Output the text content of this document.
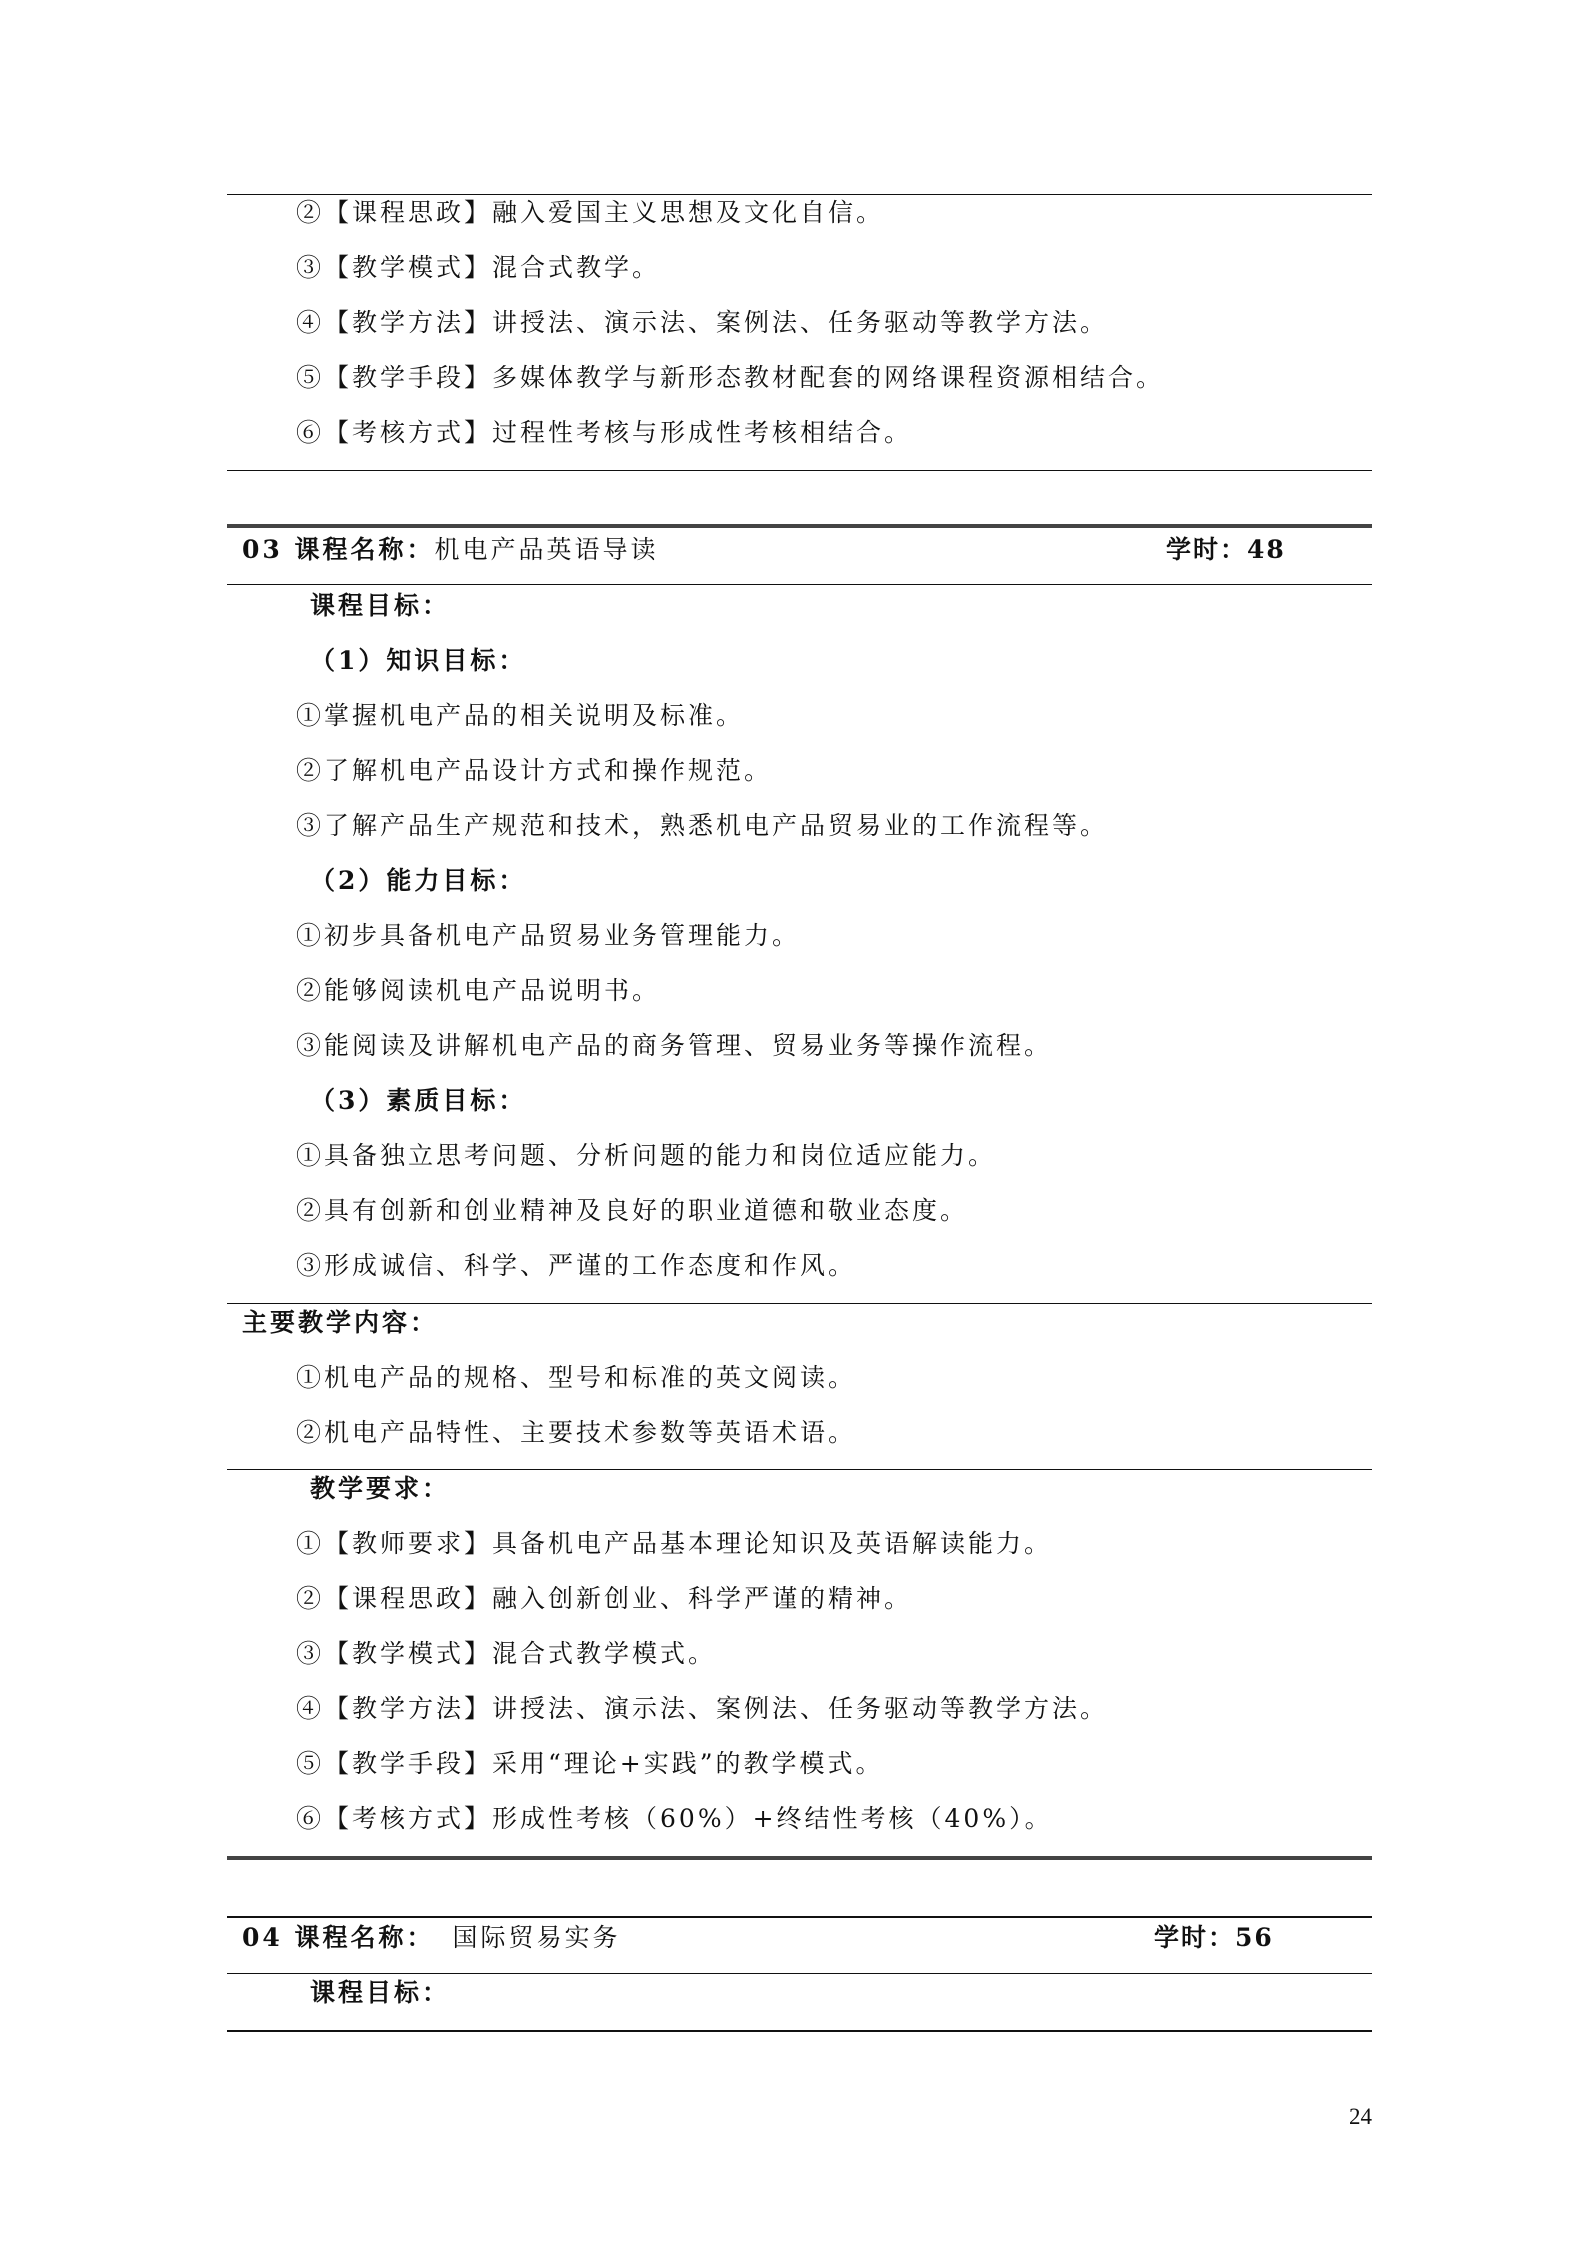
②【课程思政】融入爱国主义思想及文化自信。
③【教学模式】混合式教学。
④【教学方法】讲授法、演示法、案例法、任务驱动等教学方法。
⑤【教学手段】多媒体教学与新形态教材配套的网络课程资源相结合。
⑥【考核方式】过程性考核与形成性考核相结合。
03 课程名称：机电产品英语导读	学时：48
课程目标：
（1）知识目标：
①掌握机电产品的相关说明及标准。
②了解机电产品设计方式和操作规范。
③了解产品生产规范和技术，熟悉机电产品贸易业的工作流程等。
（2）能力目标：
①初步具备机电产品贸易业务管理能力。
②能够阅读机电产品说明书。
③能阅读及讲解机电产品的商务管理、贸易业务等操作流程。
（3）素质目标：
①具备独立思考问题、分析问题的能力和岗位适应能力。
②具有创新和创业精神及良好的职业道德和敬业态度。
③形成诚信、科学、严谨的工作态度和作风。
主要教学内容：
①机电产品的规格、型号和标准的英文阅读。
②机电产品特性、主要技术参数等英语术语。
教学要求：
①【教师要求】具备机电产品基本理论知识及英语解读能力。
②【课程思政】融入创新创业、科学严谨的精神。
③【教学模式】混合式教学模式。
④【教学方法】讲授法、演示法、案例法、任务驱动等教学方法。
⑤【教学手段】采用“理论+实践”的教学模式。
⑥【考核方式】形成性考核（60%）+终结性考核（40%）。
04 课程名称： 国际贸易实务	学时：56
课程目标：
24
